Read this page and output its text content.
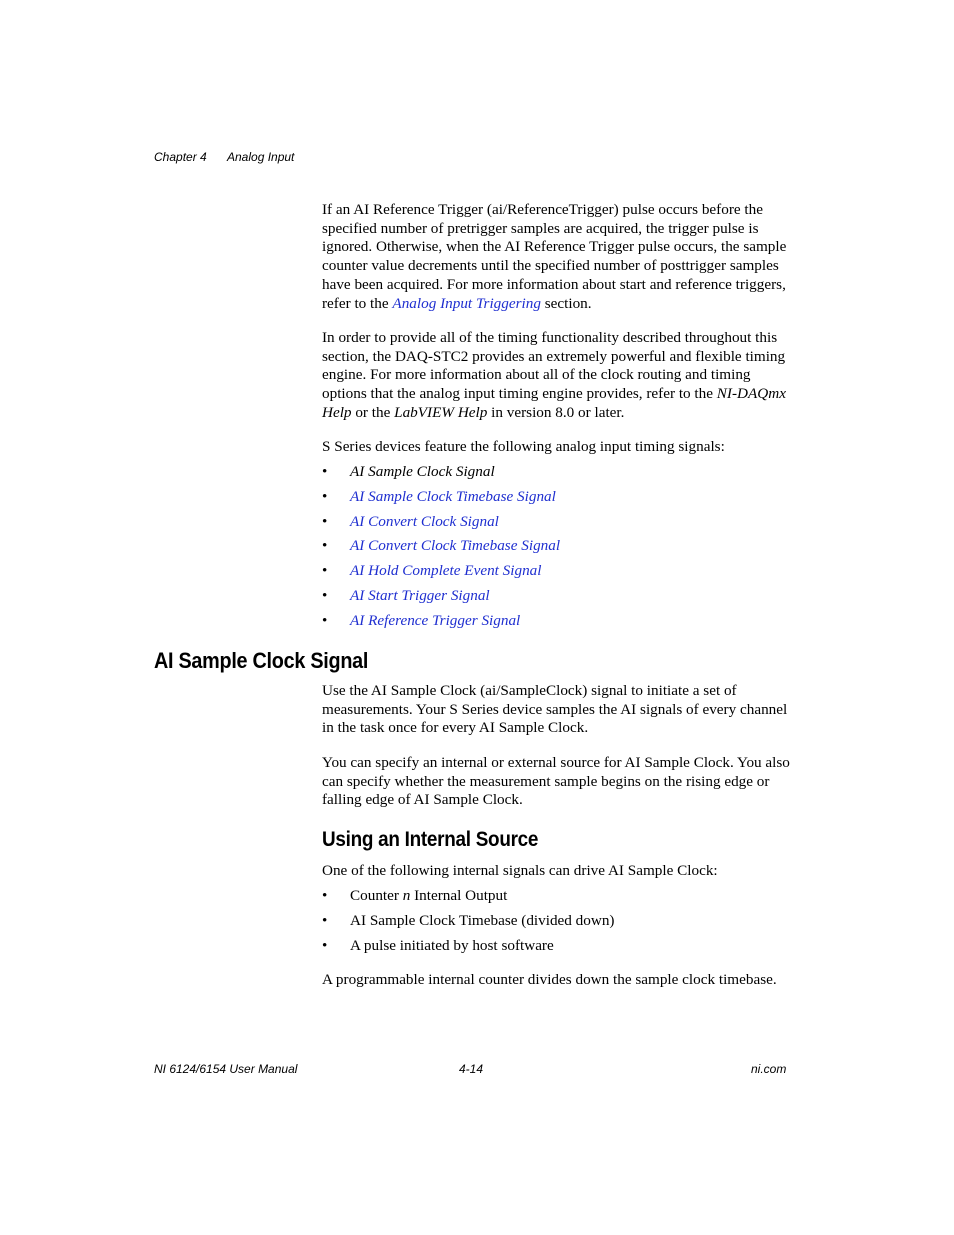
Chapter 4 Analog Input

If an AI Reference Trigger (ai/ReferenceTrigger) pulse occurs before the specified number of pretrigger samples are acquired, the trigger pulse is ignored. Otherwise, when the AI Reference Trigger pulse occurs, the sample counter value decrements until the specified number of posttrigger samples have been acquired. For more information about start and reference triggers, refer to the Analog Input Triggering section.

In order to provide all of the timing functionality described throughout this section, the DAQ-STC2 provides an extremely powerful and flexible timing engine. For more information about all of the clock routing and timing options that the analog input timing engine provides, refer to the NI-DAQmx Help or the LabVIEW Help in version 8.0 or later.

S Series devices feature the following analog input timing signals:
• AI Sample Clock Signal
• AI Sample Clock Timebase Signal
• AI Convert Clock Signal
• AI Convert Clock Timebase Signal
• AI Hold Complete Event Signal
• AI Start Trigger Signal
• AI Reference Trigger Signal
AI Sample Clock Signal
Use the AI Sample Clock (ai/SampleClock) signal to initiate a set of measurements. Your S Series device samples the AI signals of every channel in the task once for every AI Sample Clock.
You can specify an internal or external source for AI Sample Clock. You also can specify whether the measurement sample begins on the rising edge or falling edge of AI Sample Clock.
Using an Internal Source
One of the following internal signals can drive AI Sample Clock:
• Counter n Internal Output
• AI Sample Clock Timebase (divided down)
• A pulse initiated by host software
A programmable internal counter divides down the sample clock timebase.
NI 6124/6154 User Manual	4-14	ni.com
